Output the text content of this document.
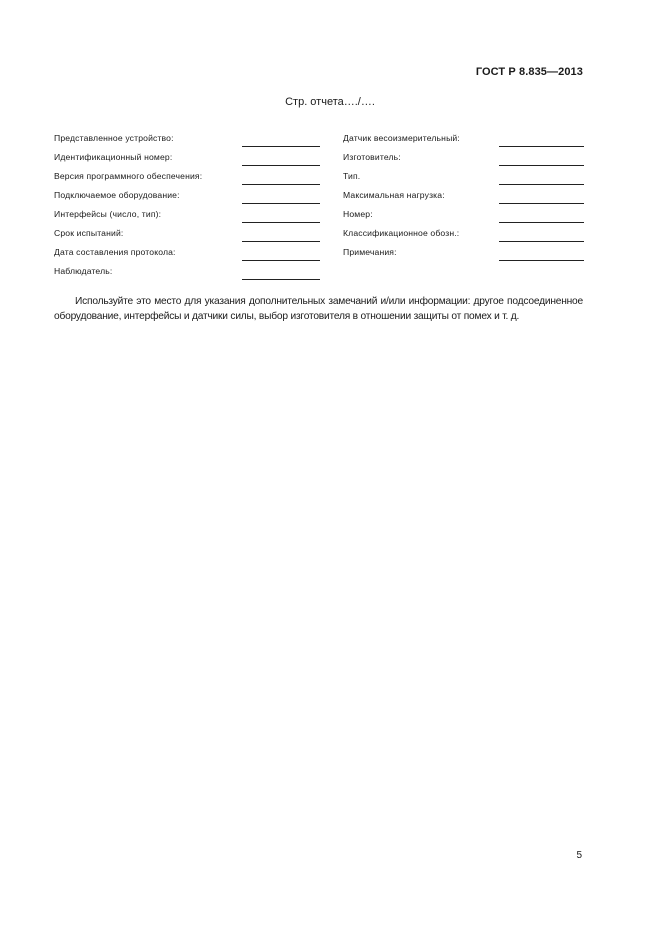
ГОСТ Р 8.835—2013
Стр. отчета…./….
Представленное устройство:			Датчик весоизмерительный:	

Идентификационный номер:			Изготовитель:	

Версия программного обеспечения:			Тип.	

Подключаемое оборудование:			Максимальная нагрузка:	

Интерфейсы (число, тип):			Номер:	

Срок испытаний:			Классификационное обозн.:	

Дата составления протокола:			Примечания:	

Наблюдатель:	

Используйте это место для указания дополнительных замечаний и/или информации: другое подсоединенное оборудование, интерфейсы и датчики силы, выбор изготовителя в отношении защиты от помех и т. д.

5
